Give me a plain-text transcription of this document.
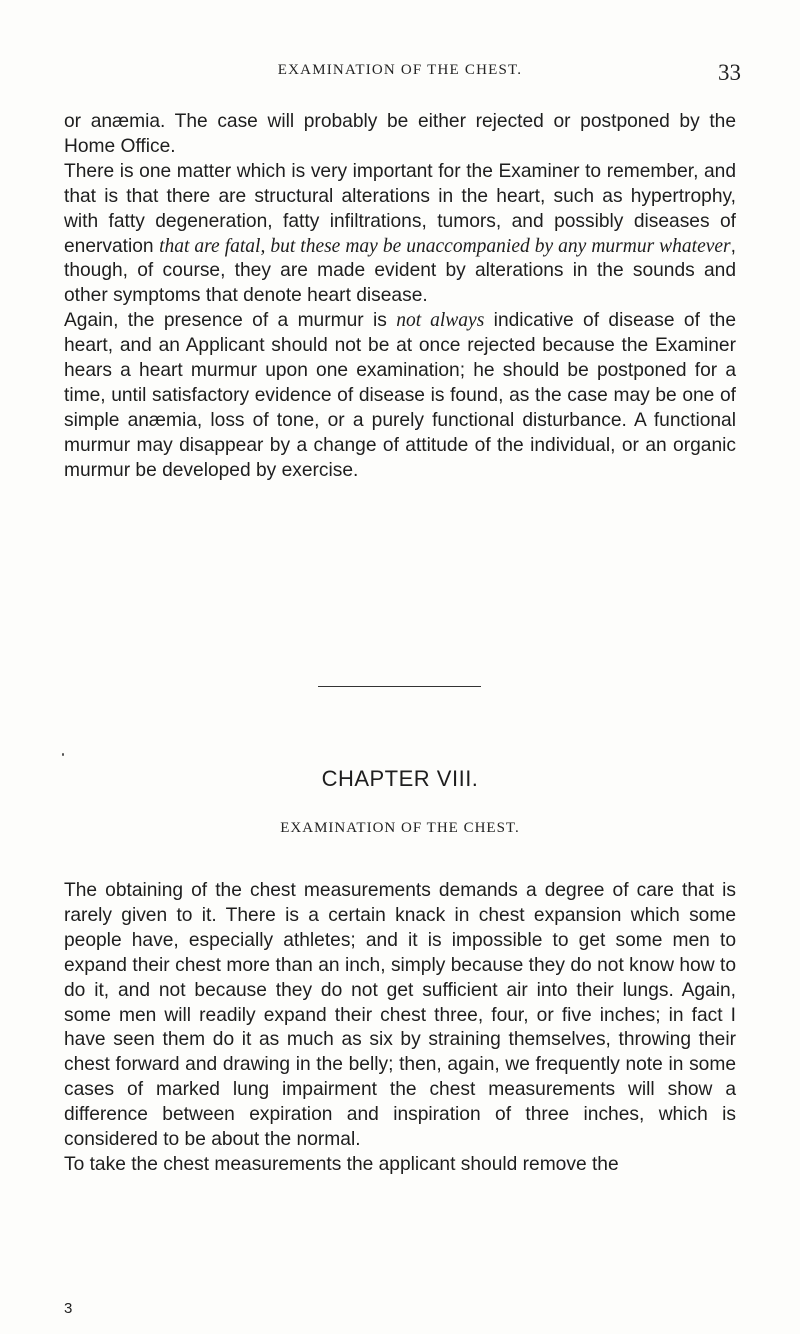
EXAMINATION OF THE CHEST.	33

or anæmia. The case will probably be either rejected or postponed by the Home Office.

There is one matter which is very important for the Examiner to remember, and that is that there are structural alterations in the heart, such as hypertrophy, with fatty degeneration, fatty infiltrations, tumors, and possibly diseases of enervation that are fatal, but these may be unaccompanied by any murmur whatever, though, of course, they are made evident by alterations in the sounds and other symptoms that denote heart disease.

Again, the presence of a murmur is not always indicative of disease of the heart, and an Applicant should not be at once rejected because the Examiner hears a heart murmur upon one examination; he should be postponed for a time, until satisfactory evidence of disease is found, as the case may be one of simple anæmia, loss of tone, or a purely functional disturbance. A functional murmur may disappear by a change of attitude of the individual, or an organic murmur be developed by exercise.

CHAPTER VIII.
EXAMINATION OF THE CHEST.

The obtaining of the chest measurements demands a degree of care that is rarely given to it. There is a certain knack in chest expansion which some people have, especially athletes; and it is impossible to get some men to expand their chest more than an inch, simply because they do not know how to do it, and not because they do not get sufficient air into their lungs. Again, some men will readily expand their chest three, four, or five inches; in fact I have seen them do it as much as six by straining themselves, throwing their chest forward and drawing in the belly; then, again, we frequently note in some cases of marked lung impairment the chest measurements will show a difference between expiration and inspiration of three inches, which is considered to be about the normal.

To take the chest measurements the applicant should remove the

3
